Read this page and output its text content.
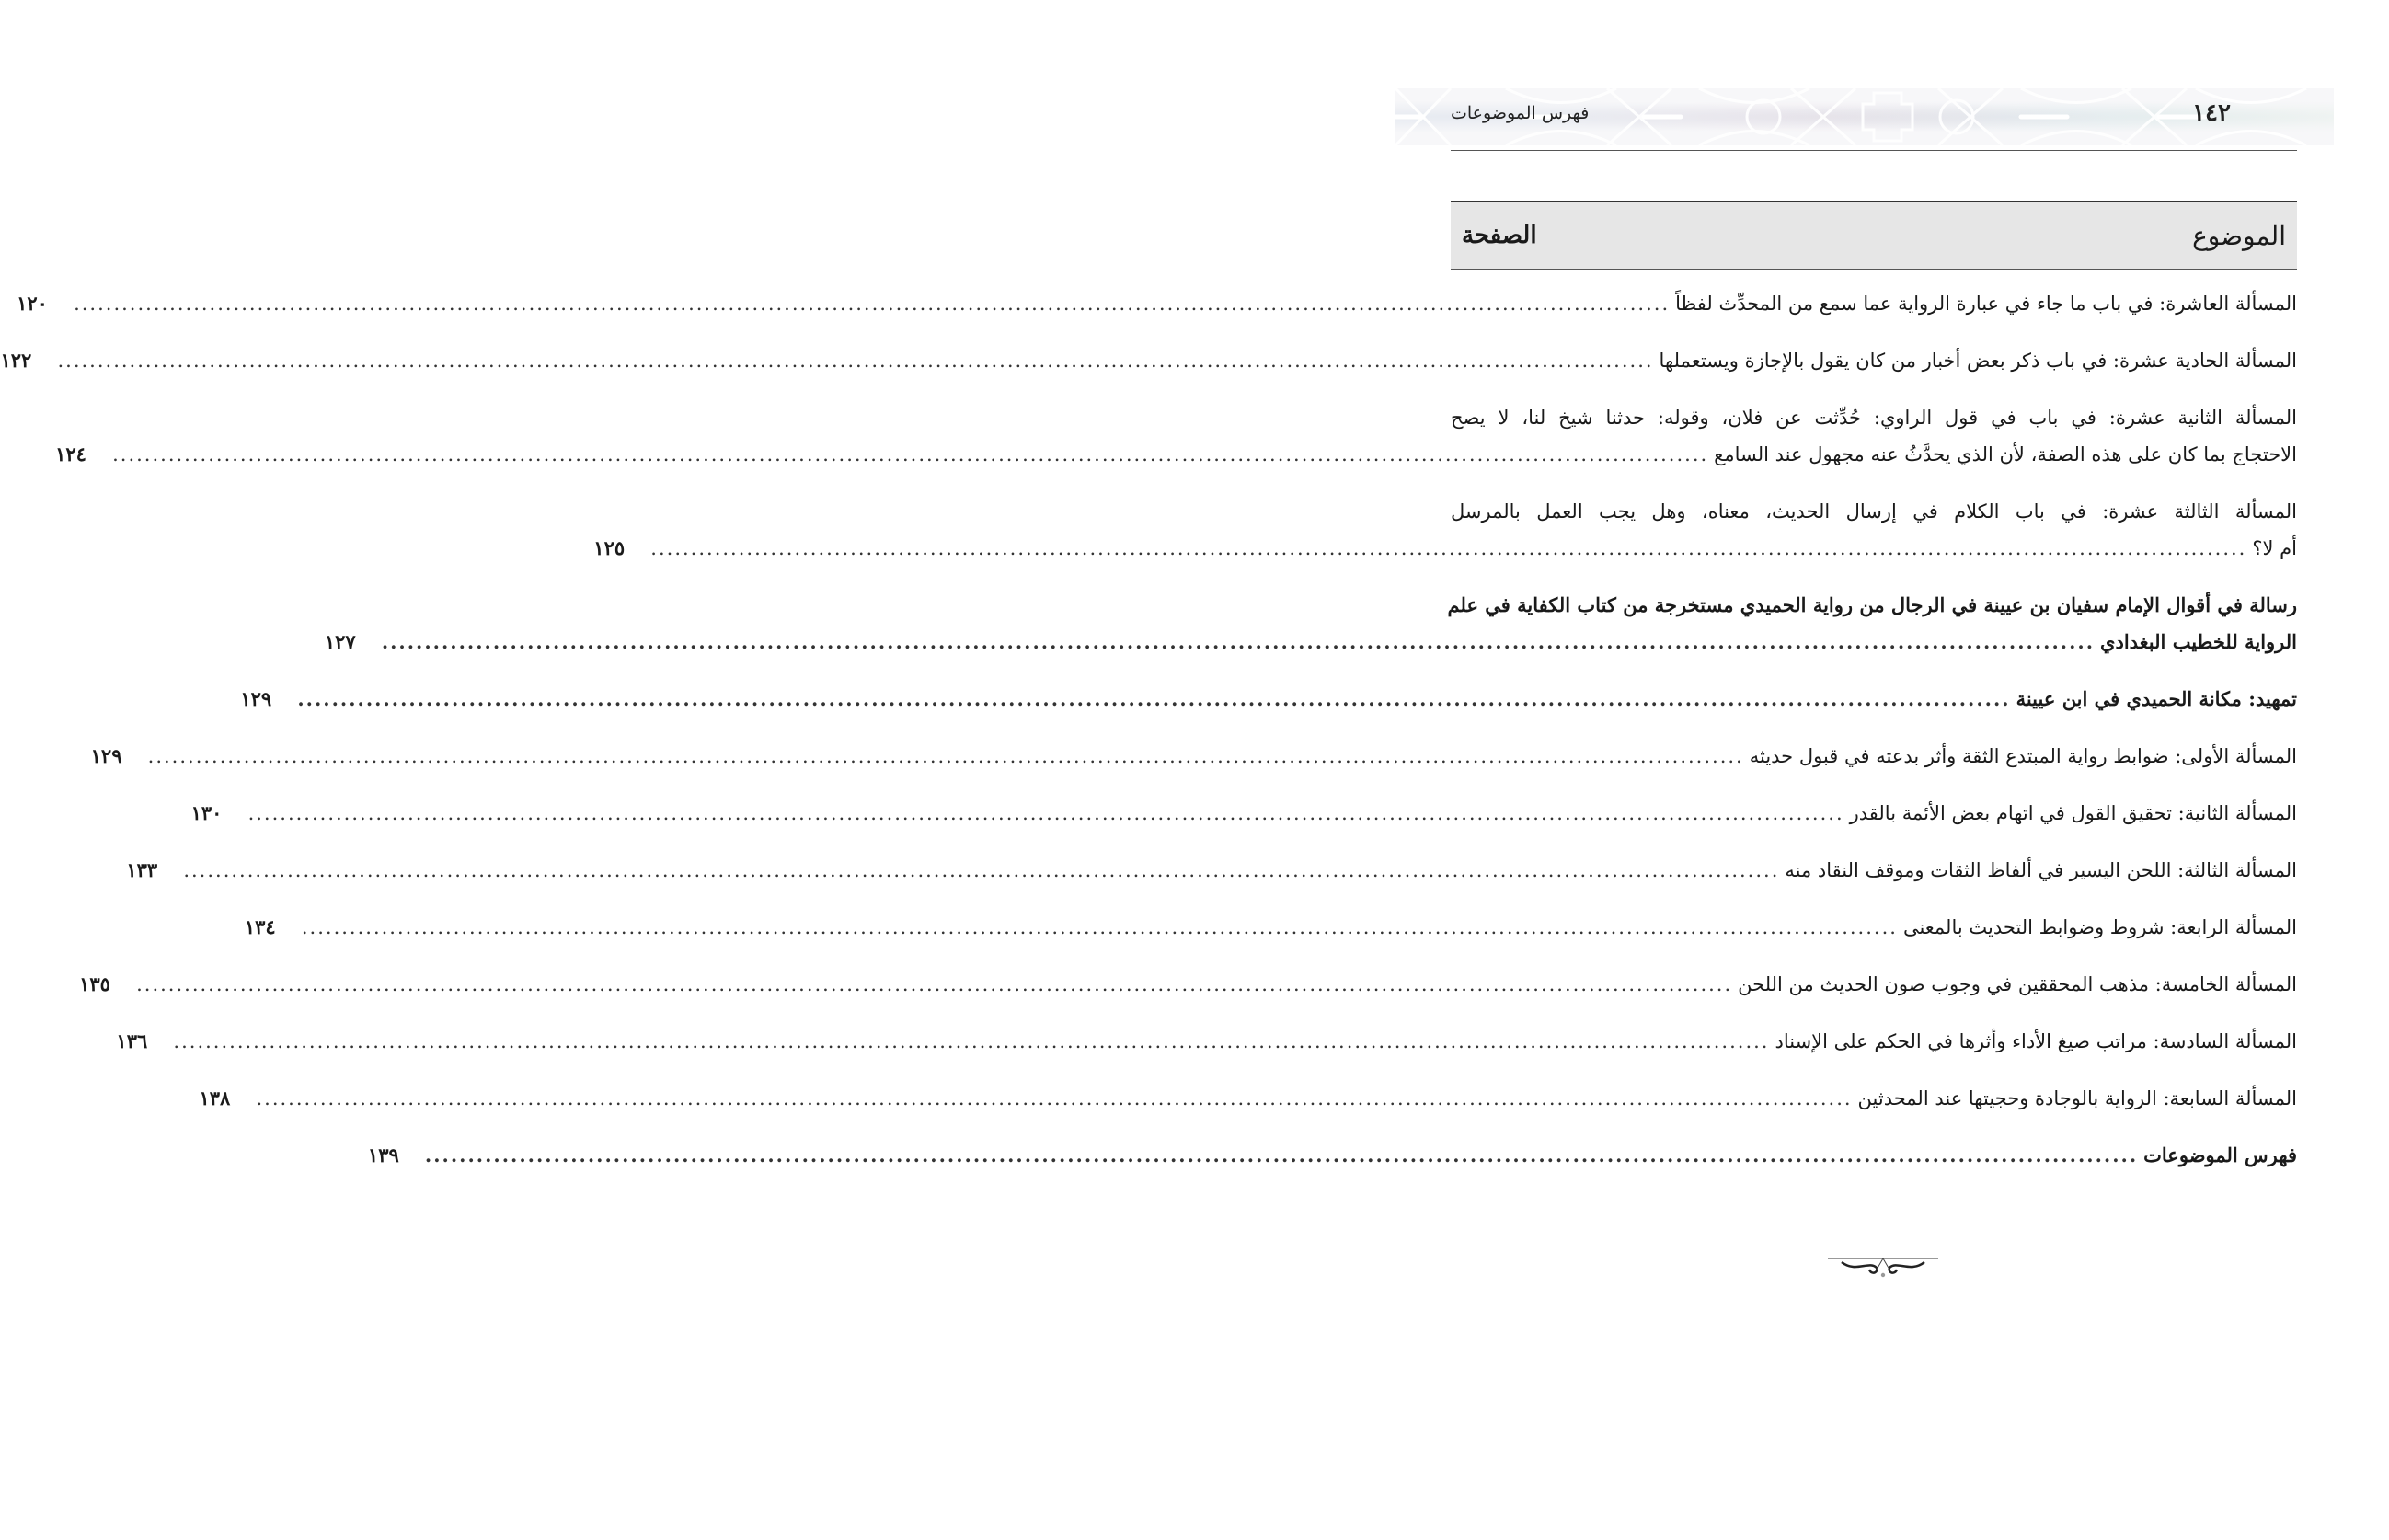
فهرس الموضوعات	١٤٢
الموضوع
الصفحة
المسألة العاشرة: في باب ما جاء في عبارة الرواية عما سمع من المحدِّث لفظاً
........................................................................................................................................................................................................
١٢٠
المسألة الحادية عشرة: في باب ذكر بعض أخبار من كان يقول بالإجازة ويستعملها
........................................................................................................................................................................................................
١٢٢
المسألة الثانية عشرة: في باب في قول الراوي: حُدِّثت عن فلان، وقوله: حدثنا شيخ لنا، لا يصح
الاحتجاج بما كان على هذه الصفة، لأن الذي يحدَّثُ عنه مجهول عند السامع
........................................................................................................................................................................................................
١٢٤
المسألة الثالثة عشرة: في باب الكلام في إرسال الحديث، معناه، وهل يجب العمل بالمرسل
أم لا؟
........................................................................................................................................................................................................
١٢٥
رسالة في أقوال الإمام سفيان بن عيينة في الرجال من رواية الحميدي مستخرجة من كتاب الكفاية في علم
الرواية للخطيب البغدادي
........................................................................................................................................................................................................
١٢٧
تمهيد: مكانة الحميدي في ابن عيينة
........................................................................................................................................................................................................
١٢٩
المسألة الأولى: ضوابط رواية المبتدع الثقة وأثر بدعته في قبول حديثه
........................................................................................................................................................................................................
١٢٩
المسألة الثانية: تحقيق القول في اتهام بعض الأئمة بالقدر
........................................................................................................................................................................................................
١٣٠
المسألة الثالثة: اللحن اليسير في ألفاظ الثقات وموقف النقاد منه
........................................................................................................................................................................................................
١٣٣
المسألة الرابعة: شروط وضوابط التحديث بالمعنى
........................................................................................................................................................................................................
١٣٤
المسألة الخامسة: مذهب المحققين في وجوب صون الحديث من اللحن
........................................................................................................................................................................................................
١٣٥
المسألة السادسة: مراتب صيغ الأداء وأثرها في الحكم على الإسناد
........................................................................................................................................................................................................
١٣٦
المسألة السابعة: الرواية بالوجادة وحجيتها عند المحدثين
........................................................................................................................................................................................................
١٣٨
فهرس الموضوعات
........................................................................................................................................................................................................
١٣٩
